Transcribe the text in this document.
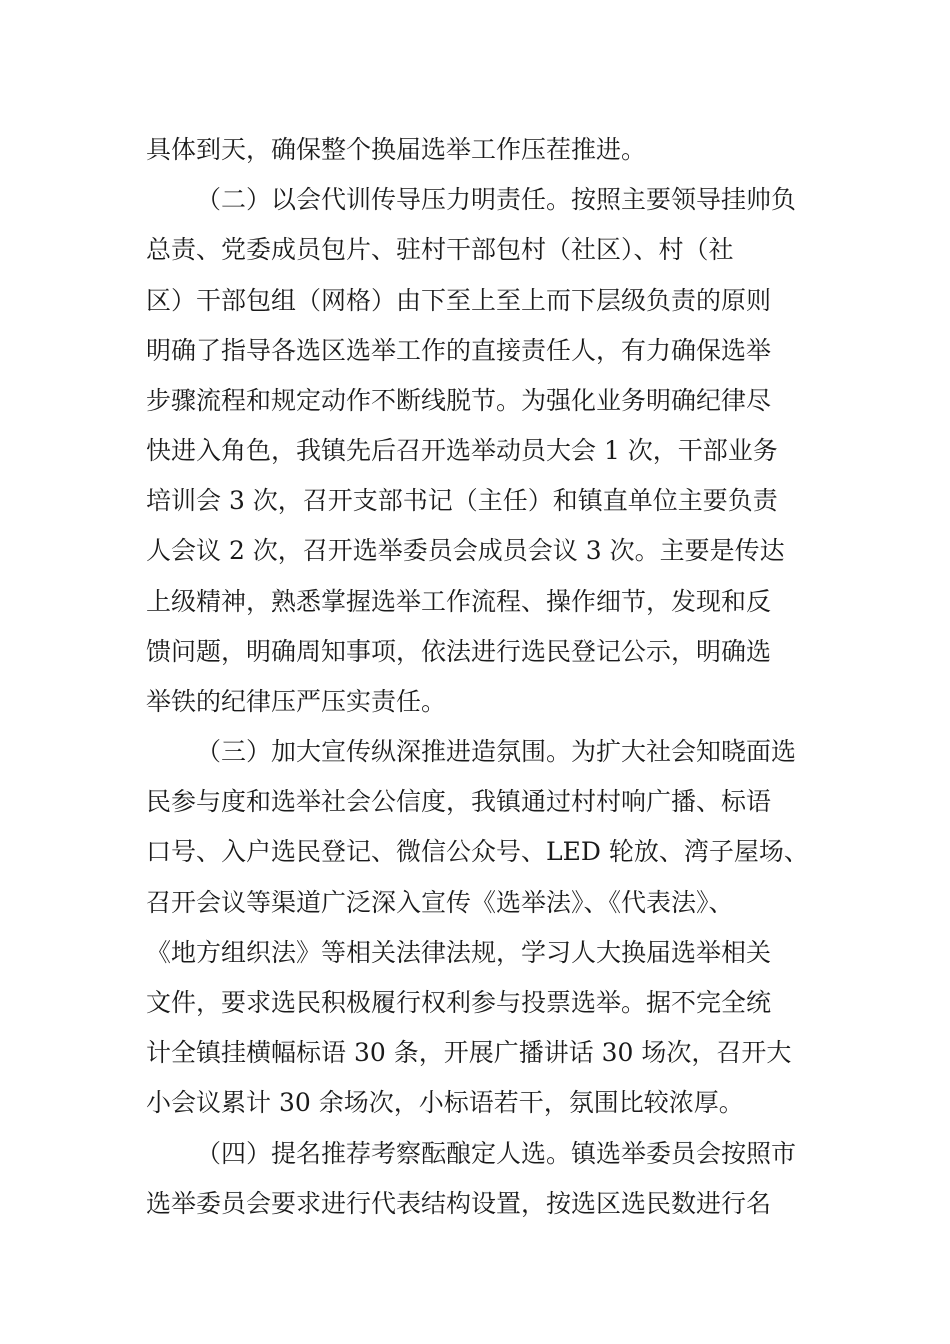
具体到天，确保整个换届选举工作压茬推进。

（二）以会代训传导压力明责任。按照主要领导挂帅负

总责、党委成员包片、驻村干部包村（社区）、村（社

区）干部包组（网格）由下至上至上而下层级负责的原则

明确了指导各选区选举工作的直接责任人，有力确保选举

步骤流程和规定动作不断线脱节。为强化业务明确纪律尽

快进入角色，我镇先后召开选举动员大会 1 次，干部业务

培训会 3 次，召开支部书记（主任）和镇直单位主要负责

人会议 2 次，召开选举委员会成员会议 3 次。主要是传达

上级精神，熟悉掌握选举工作流程、操作细节，发现和反

馈问题，明确周知事项，依法进行选民登记公示，明确选

举铁的纪律压严压实责任。

（三）加大宣传纵深推进造氛围。为扩大社会知晓面选

民参与度和选举社会公信度，我镇通过村村响广播、标语

口号、入户选民登记、微信公众号、LED 轮放、湾子屋场、

召开会议等渠道广泛深入宣传《选举法》、《代表法》、

《地方组织法》等相关法律法规，学习人大换届选举相关

文件，要求选民积极履行权利参与投票选举。据不完全统

计全镇挂横幅标语 30 条，开展广播讲话 30 场次，召开大

小会议累计 30 余场次，小标语若干，氛围比较浓厚。

（四）提名推荐考察酝酿定人选。镇选举委员会按照市

选举委员会要求进行代表结构设置，按选区选民数进行名
